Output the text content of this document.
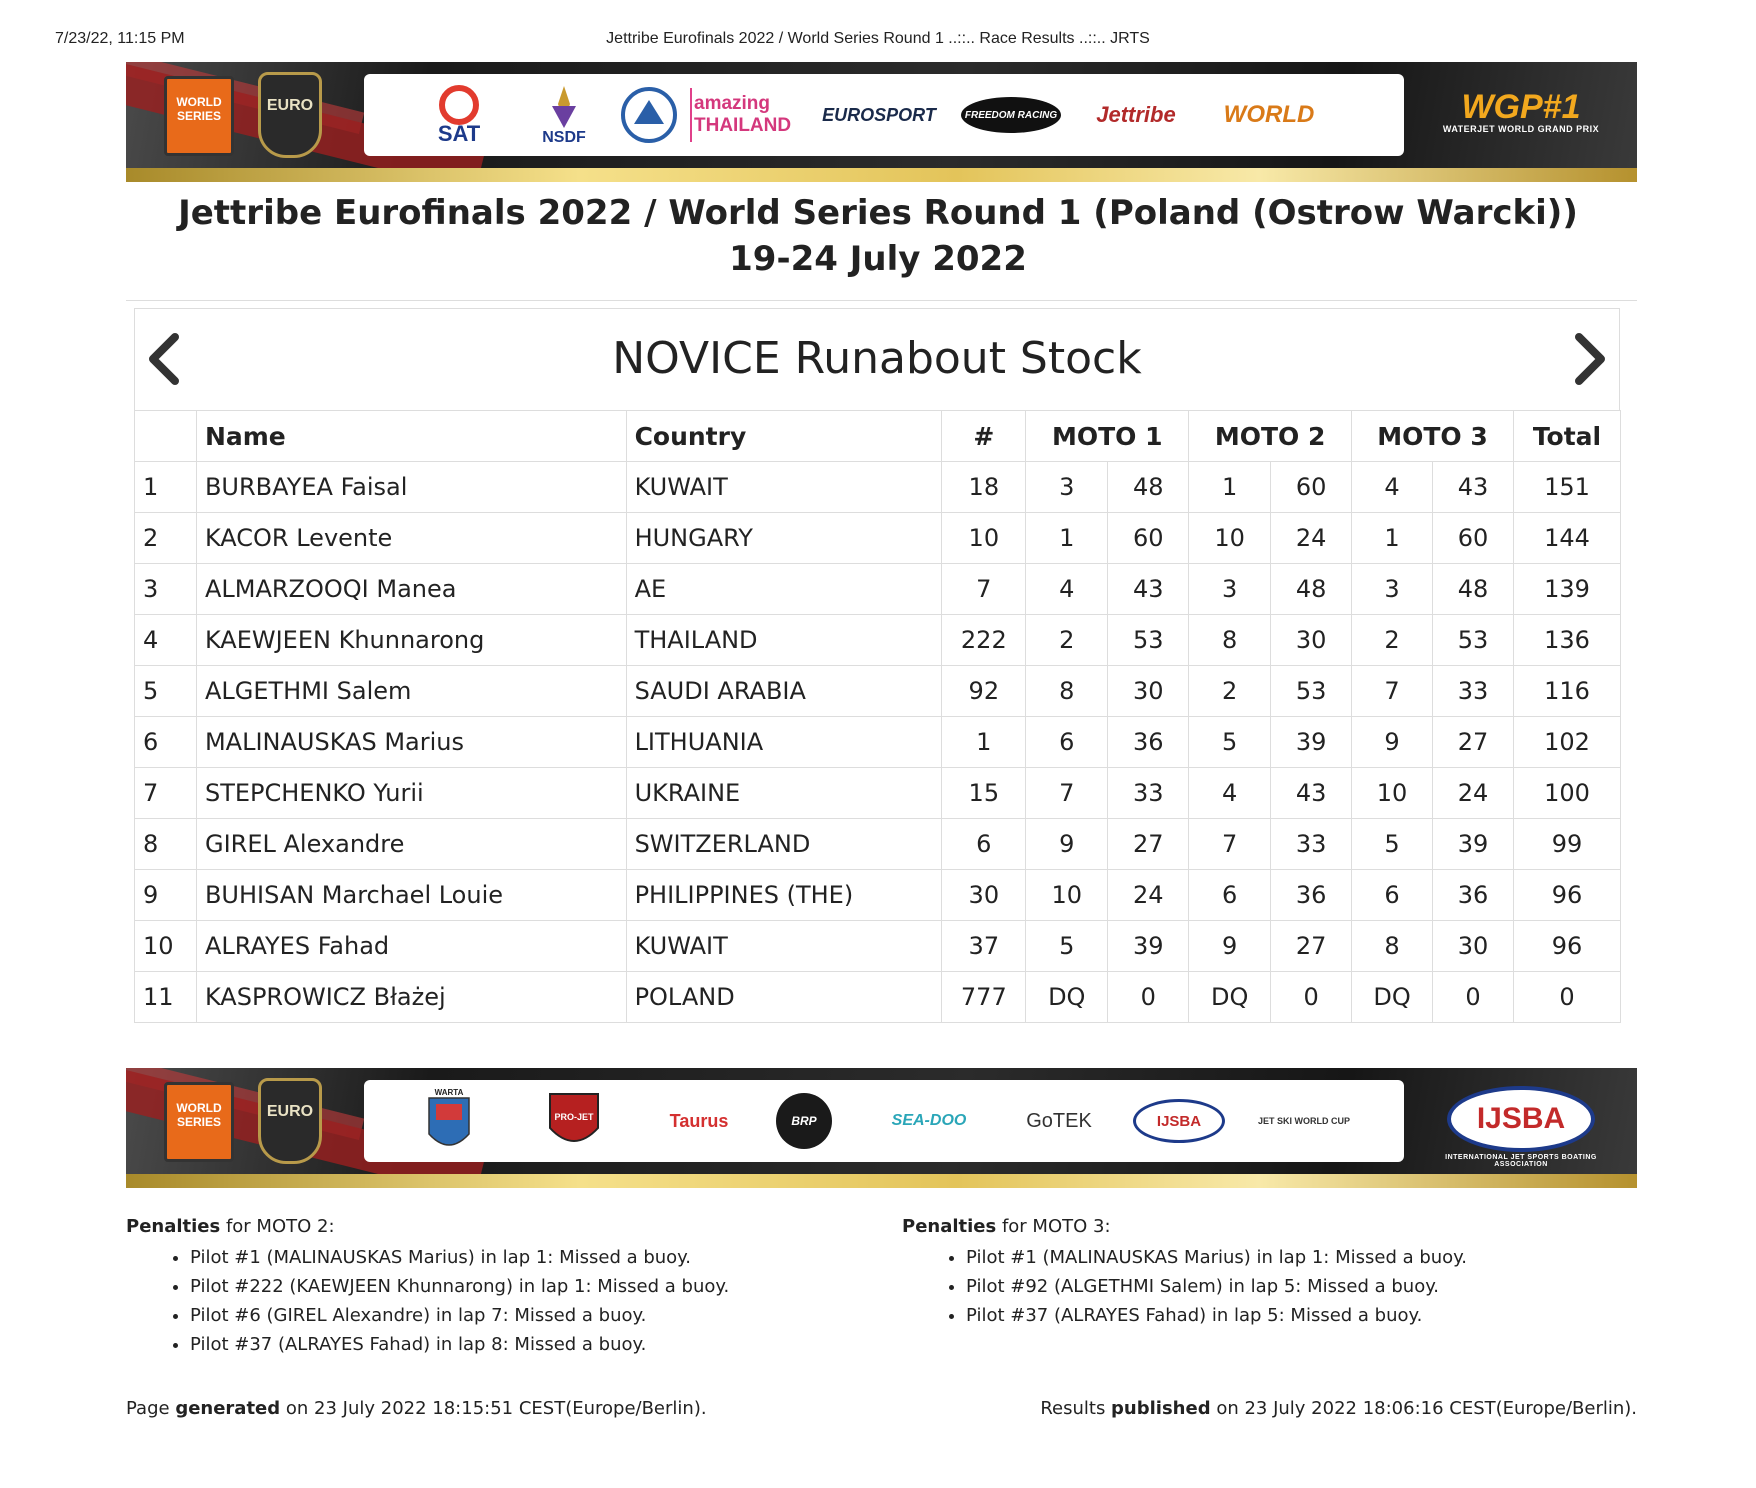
7/23/22, 11:15 PM	Jettribe Eurofinals 2022 / World Series Round 1 ..::.. Race Results ..::.. JRTS
WORLD SERIES
EURO
SAT	NSDF
amazing THAILAND
EUROSPORT	FREEDOM RACING	Jettribe	WORLD	WGP#1
WATERJET WORLD GRAND PRIX
Jettribe Eurofinals 2022 / World Series Round 1 (Poland (Ostrow Warcki))
19-24 July 2022
NOVICE Runabout Stock
	Name	Country	#	MOTO 1		MOTO 2		MOTO 3		Total
1	BURBAYEA Faisal	KUWAIT	18	3	48	1	60	4	43	151
2	KACOR Levente	HUNGARY	10	1	60	10	24	1	60	144
3	ALMARZOOQI Manea	AE	7	4	43	3	48	3	48	139
4	KAEWJEEN Khunnarong	THAILAND	222	2	53	8	30	2	53	136
5	ALGETHMI Salem	SAUDI ARABIA	92	8	30	2	53	7	33	116
6	MALINAUSKAS Marius	LITHUANIA	1	6	36	5	39	9	27	102
7	STEPCHENKO Yurii	UKRAINE	15	7	33	4	43	10	24	100
8	GIREL Alexandre	SWITZERLAND	6	9	27	7	33	5	39	99
9	BUHISAN Marchael Louie	PHILIPPINES (THE)	30	10	24	6	36	6	36	96
10	ALRAYES Fahad	KUWAIT	37	5	39	9	27	8	30	96
11	KASPROWICZ Błażej	POLAND	777	DQ	0	DQ	0	DQ	0	0
WORLD SERIES
EURO
WARTA
PRO-JET	Taurus	BRP	SEA-DOO	GoTEK	IJSBA	JET SKI WORLD CUP	IJSBA
INTERNATIONAL JET SPORTS BOATING ASSOCIATION
Penalties for MOTO 2:
• Pilot #1 (MALINAUSKAS Marius) in lap 1: Missed a buoy.
• Pilot #222 (KAEWJEEN Khunnarong) in lap 1: Missed a buoy.
• Pilot #6 (GIREL Alexandre) in lap 7: Missed a buoy.
• Pilot #37 (ALRAYES Fahad) in lap 8: Missed a buoy.
Penalties for MOTO 3:
• Pilot #1 (MALINAUSKAS Marius) in lap 1: Missed a buoy.
• Pilot #92 (ALGETHMI Salem) in lap 5: Missed a buoy.
• Pilot #37 (ALRAYES Fahad) in lap 5: Missed a buoy.
Page generated on 23 July 2022 18:15:51 CEST(Europe/Berlin).	Results published on 23 July 2022 18:06:16 CEST(Europe/Berlin).
